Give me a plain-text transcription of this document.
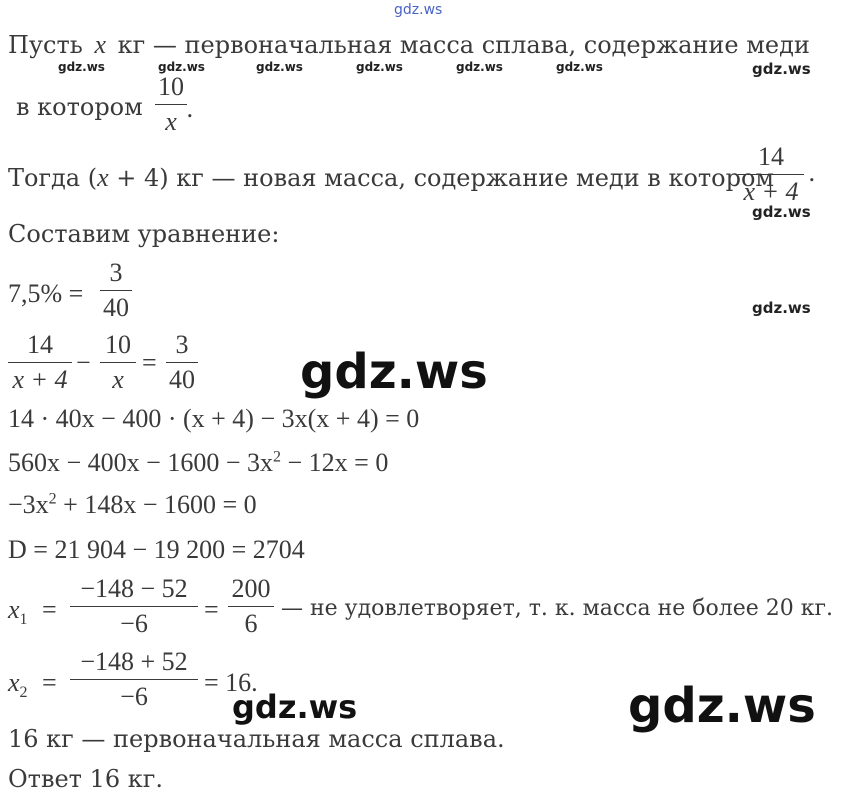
gdz.ws
gdz.ws	gdz.ws	gdz.ws	gdz.ws	gdz.ws	gdz.ws	gdz.ws
gdz.ws
gdz.ws
gdz.ws
gdz.ws	gdz.ws
Пусть x кг — первоначальная масса сплава, содержание меди
в котором
10
x .
Тогда (x + 4) кг — новая масса, содержание меди в котором
14
x + 4
.
Составим уравнение:
7,5% =
3
40
14
x + 4
−
10
x
=
3
40
14 · 40x − 400 · (x + 4) − 3x(x + 4) = 0
$560x - 400x - 1600 - 3x^2 - 12x = 0$
$-3x^2 + 148x - 1600 = 0$
D = 21 904 − 19 200 = 2704
$x_1$ =
−148 − 52
−6	=
200
6
— не удовлетворяет, т. к. масса не более 20 кг.
$x_2$ =
−148 + 52
−6	= 16.
16 кг — первоначальная масса сплава.
Ответ 16 кг.
